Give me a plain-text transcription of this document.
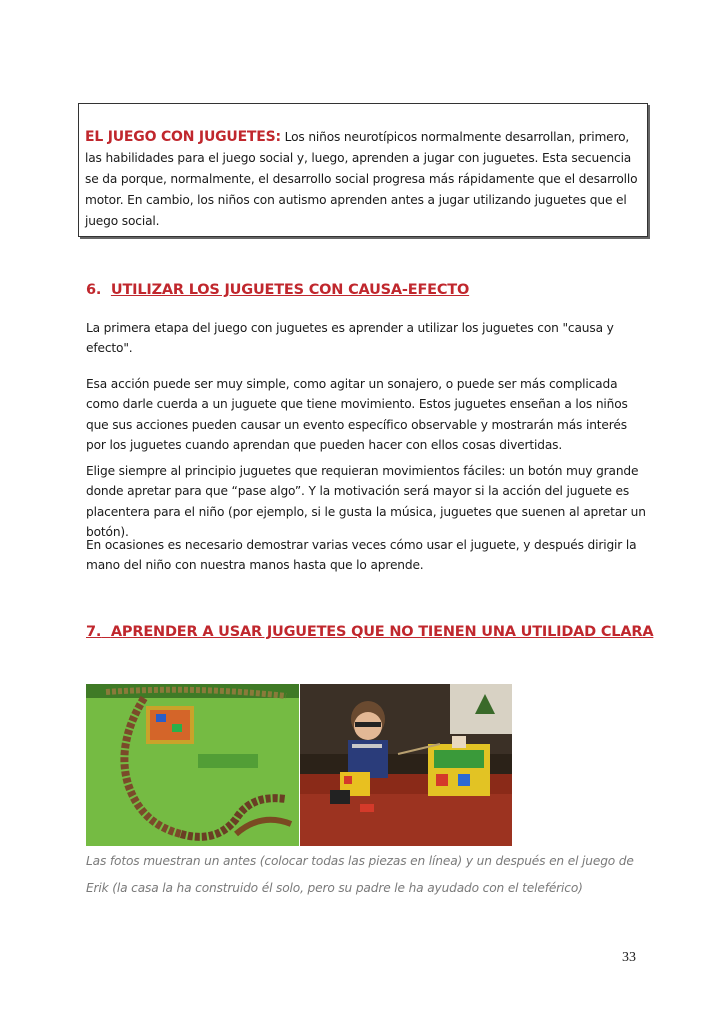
EL JUEGO CON JUGUETES: Los niños neurotípicos normalmente desarrollan, primero, las habilidades para el juego social y, luego, aprenden a jugar con juguetes. Esta secuencia se da porque, normalmente, el desarrollo social progresa más rápidamente que el desarrollo motor. En cambio, los niños con autismo aprenden antes a jugar utilizando juguetes que el juego social.
6. UTILIZAR LOS JUGUETES CON CAUSA-EFECTO
La primera etapa del juego con juguetes es aprender a utilizar los juguetes con "causa y efecto".
Esa acción puede ser muy simple, como agitar un sonajero, o puede ser más complicada como darle cuerda a un juguete que tiene movimiento. Estos juguetes enseñan a los niños que sus acciones pueden causar un evento específico observable y mostrarán más interés por los juguetes cuando aprendan que pueden hacer con ellos cosas divertidas.
Elige siempre al principio juguetes que requieran movimientos fáciles: un botón muy grande donde apretar para que “pase algo”. Y la motivación será mayor si la acción del juguete es placentera para el niño (por ejemplo, si le gusta la música, juguetes que suenen al apretar un botón).
En ocasiones es necesario demostrar varias veces cómo usar el juguete, y después dirigir la mano del niño con nuestra manos hasta que lo aprende.
7. APRENDER A USAR JUGUETES QUE NO TIENEN UNA UTILIDAD CLARA
Las fotos muestran un antes (colocar todas las piezas en línea) y un después en el juego de Erik (la casa la ha construido él solo, pero su padre le ha ayudado con el teleférico)
33
